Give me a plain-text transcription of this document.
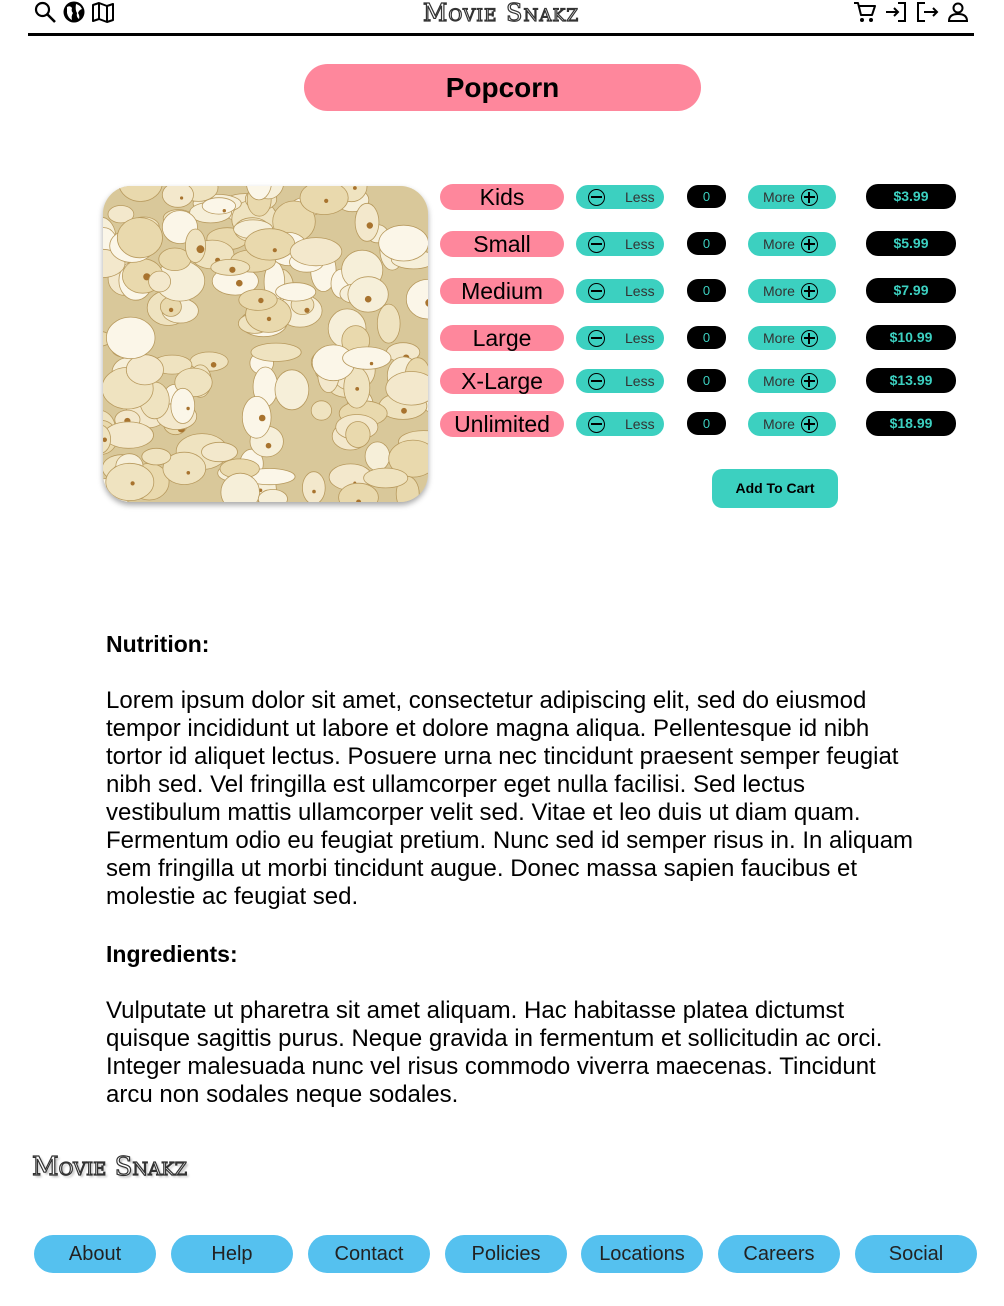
Movie Snakz
Popcorn
Kids	Less	0	More	$3.99
Small	Less	0	More	$5.99
Medium	Less	0	More	$7.99
Large	Less	0	More	$10.99
X-Large	Less	0	More	$13.99
Unlimited	Less	0	More	$18.99
Add To Cart
Nutrition:
Lorem ipsum dolor sit amet, consectetur adipiscing elit, sed do eiusmod tempor incididunt ut labore et dolore magna aliqua. Pellentesque id nibh tortor id aliquet lectus. Posuere urna nec tincidunt praesent semper feugiat nibh sed. Vel fringilla est ullamcorper eget nulla facilisi. Sed lectus vestibulum mattis ullamcorper velit sed. Vitae et leo duis ut diam quam. Fermentum odio eu feugiat pretium. Nunc sed id semper risus in. In aliquam sem fringilla ut morbi tincidunt augue. Donec massa sapien faucibus et molestie ac feugiat sed.
Ingredients:
Vulputate ut pharetra sit amet aliquam. Hac habitasse platea dictumst quisque sagittis purus. Neque gravida in fermentum et sollicitudin ac orci. Integer malesuada nunc vel risus commodo viverra maecenas. Tincidunt arcu non sodales neque sodales.
Movie Snakz
About	Help	Contact	Policies	Locations	Careers	Social
